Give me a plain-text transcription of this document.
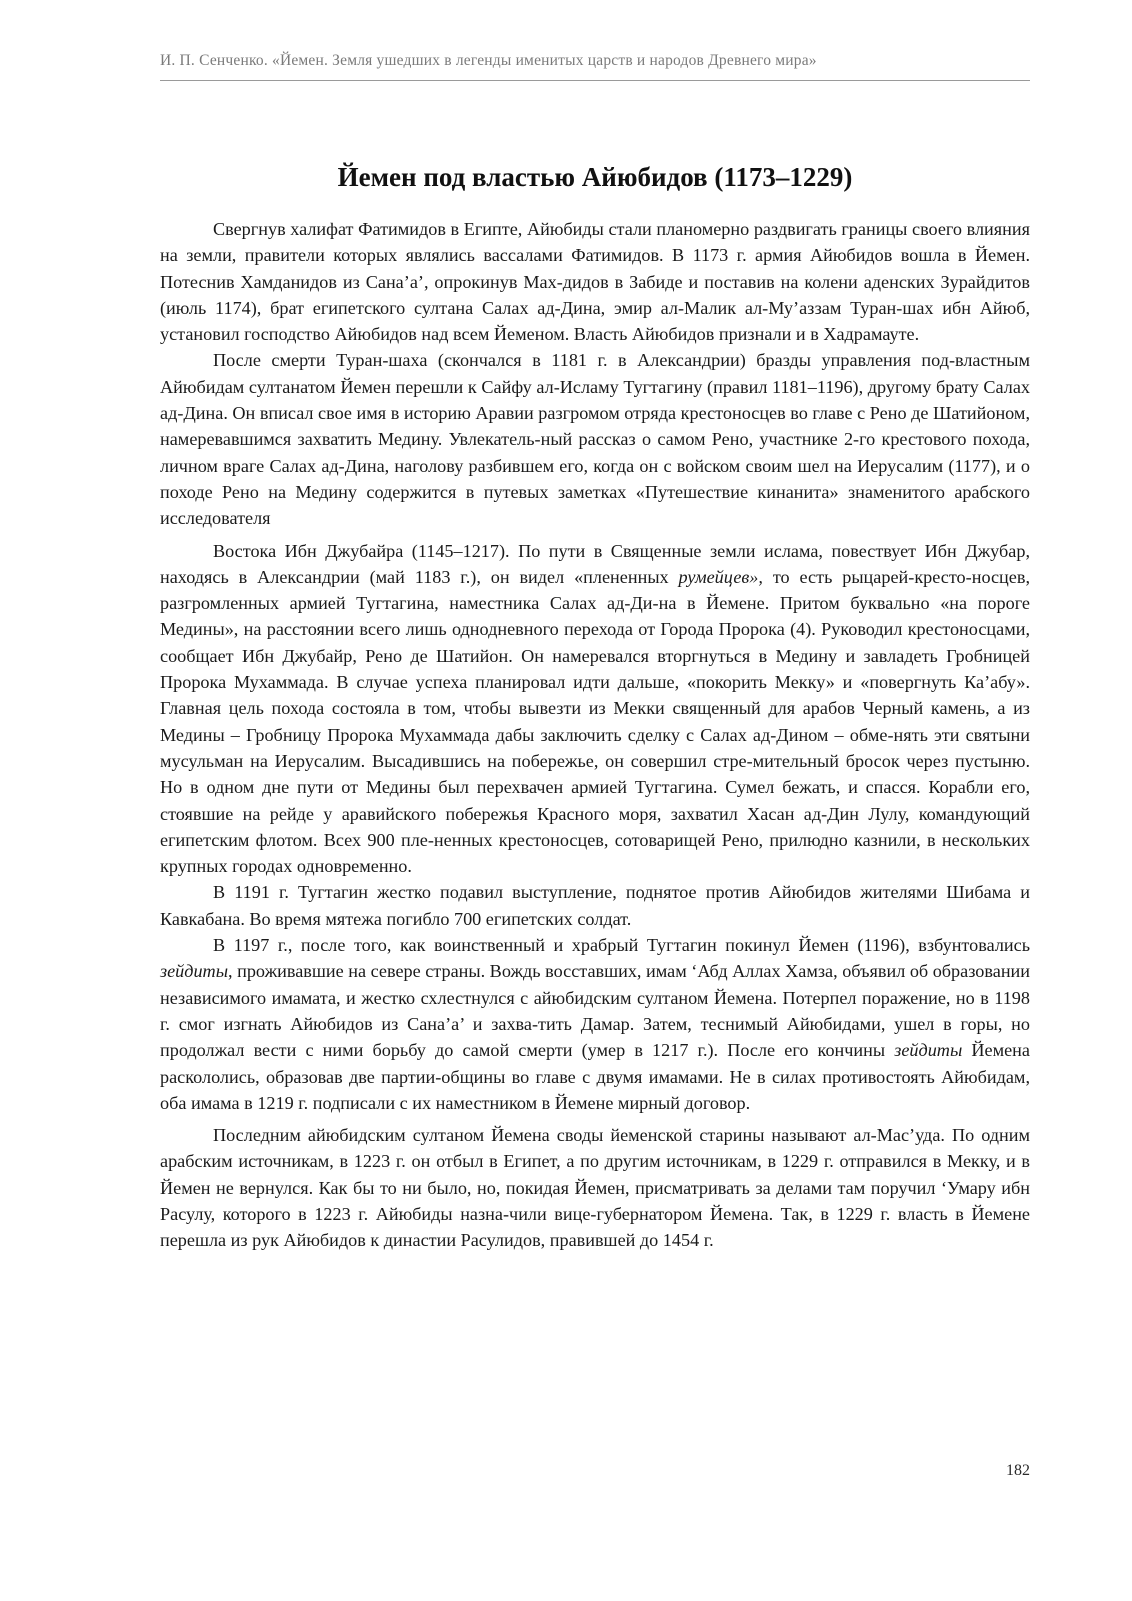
И. П. Сенченко. «Йемен. Земля ушедших в легенды именитых царств и народов Древнего мира»
Йемен под властью Айюбидов (1173–1229)

Свергнув халифат Фатимидов в Египте, Айюбиды стали планомерно раздвигать границы своего влияния на земли, правители которых являлись вассалами Фатимидов. В 1173 г. армия Айюбидов вошла в Йемен. Потеснив Хамданидов из Сана’а’, опрокинув Мах-дидов в Забиде и поставив на колени аденских Зурайдитов (июль 1174), брат египетского султана Салах ад-Дина, эмир ал-Малик ал-Му’аззам Туран-шах ибн Айюб, установил господство Айюбидов над всем Йеменом. Власть Айюбидов признали и в Хадрамауте.

После смерти Туран-шаха (скончался в 1181 г. в Александрии) бразды управления под-властным Айюбидам султанатом Йемен перешли к Сайфу ал-Исламу Тугтагину (правил 1181–1196), другому брату Салах ад-Дина. Он вписал свое имя в историю Аравии разгромом отряда крестоносцев во главе с Рено де Шатийоном, намеревавшимся захватить Медину. Увлекатель-ный рассказ о самом Рено, участнике 2-го крестового похода, личном враге Салах ад-Дина, наголову разбившем его, когда он с войском своим шел на Иерусалим (1177), и о походе Рено на Медину содержится в путевых заметках «Путешествие кинанита» знаменитого арабского исследователя

Востока Ибн Джубайра (1145–1217). По пути в Священные земли ислама, повествует Ибн Джубар, находясь в Александрии (май 1183 г.), он видел «плененных румейцев», то есть рыцарей-кресто-носцев, разгромленных армией Тугтагина, наместника Салах ад-Ди-на в Йемене. Притом буквально «на пороге Медины», на расстоянии всего лишь однодневного перехода от Города Пророка (4). Руководил крестоносцами, сообщает Ибн Джубайр, Рено де Шатийон. Он намеревался вторгнуться в Медину и завладеть Гробницей Пророка Мухаммада. В случае успеха планировал идти дальше, «покорить Мекку» и «повергнуть Ка’абу». Главная цель похода состояла в том, чтобы вывезти из Мекки священный для арабов Черный камень, а из Медины – Гробницу Пророка Мухаммада дабы заключить сделку с Салах ад-Дином – обме-нять эти святыни мусульман на Иерусалим. Высадившись на побережье, он совершил стре-мительный бросок через пустыню. Но в одном дне пути от Медины был перехвачен армией Тугтагина. Сумел бежать, и спасся. Корабли его, стоявшие на рейде у аравийского побережья Красного моря, захватил Хасан ад-Дин Лулу, командующий египетским флотом. Всех 900 пле-ненных крестоносцев, сотоварищей Рено, прилюдно казнили, в нескольких крупных городах одновременно.

В 1191 г. Тугтагин жестко подавил выступление, поднятое против Айюбидов жителями Шибама и Кавкабана. Во время мятежа погибло 700 египетских солдат.

В 1197 г., после того, как воинственный и храбрый Тугтагин покинул Йемен (1196), взбунтовались зейдиты, проживавшие на севере страны. Вождь восставших, имам ‘Абд Аллах Хамза, объявил об образовании независимого имамата, и жестко схлестнулся с айюбидским султаном Йемена. Потерпел поражение, но в 1198 г. смог изгнать Айюбидов из Сана’а’ и захва-тить Дамар. Затем, теснимый Айюбидами, ушел в горы, но продолжал вести с ними борьбу до самой смерти (умер в 1217 г.). После его кончины зейдиты Йемена раскололись, образовав две партии-общины во главе с двумя имамами. Не в силах противостоять Айюбидам, оба имама в 1219 г. подписали с их наместником в Йемене мирный договор.

Последним айюбидским султаном Йемена своды йеменской старины называют ал-Мас’уда. По одним арабским источникам, в 1223 г. он отбыл в Египет, а по другим источникам, в 1229 г. отправился в Мекку, и в Йемен не вернулся. Как бы то ни было, но, покидая Йемен, присматривать за делами там поручил ‘Умару ибн Расулу, которого в 1223 г. Айюбиды назна-чили вице-губернатором Йемена. Так, в 1229 г. власть в Йемене перешла из рук Айюбидов к династии Расулидов, правившей до 1454 г.

182
